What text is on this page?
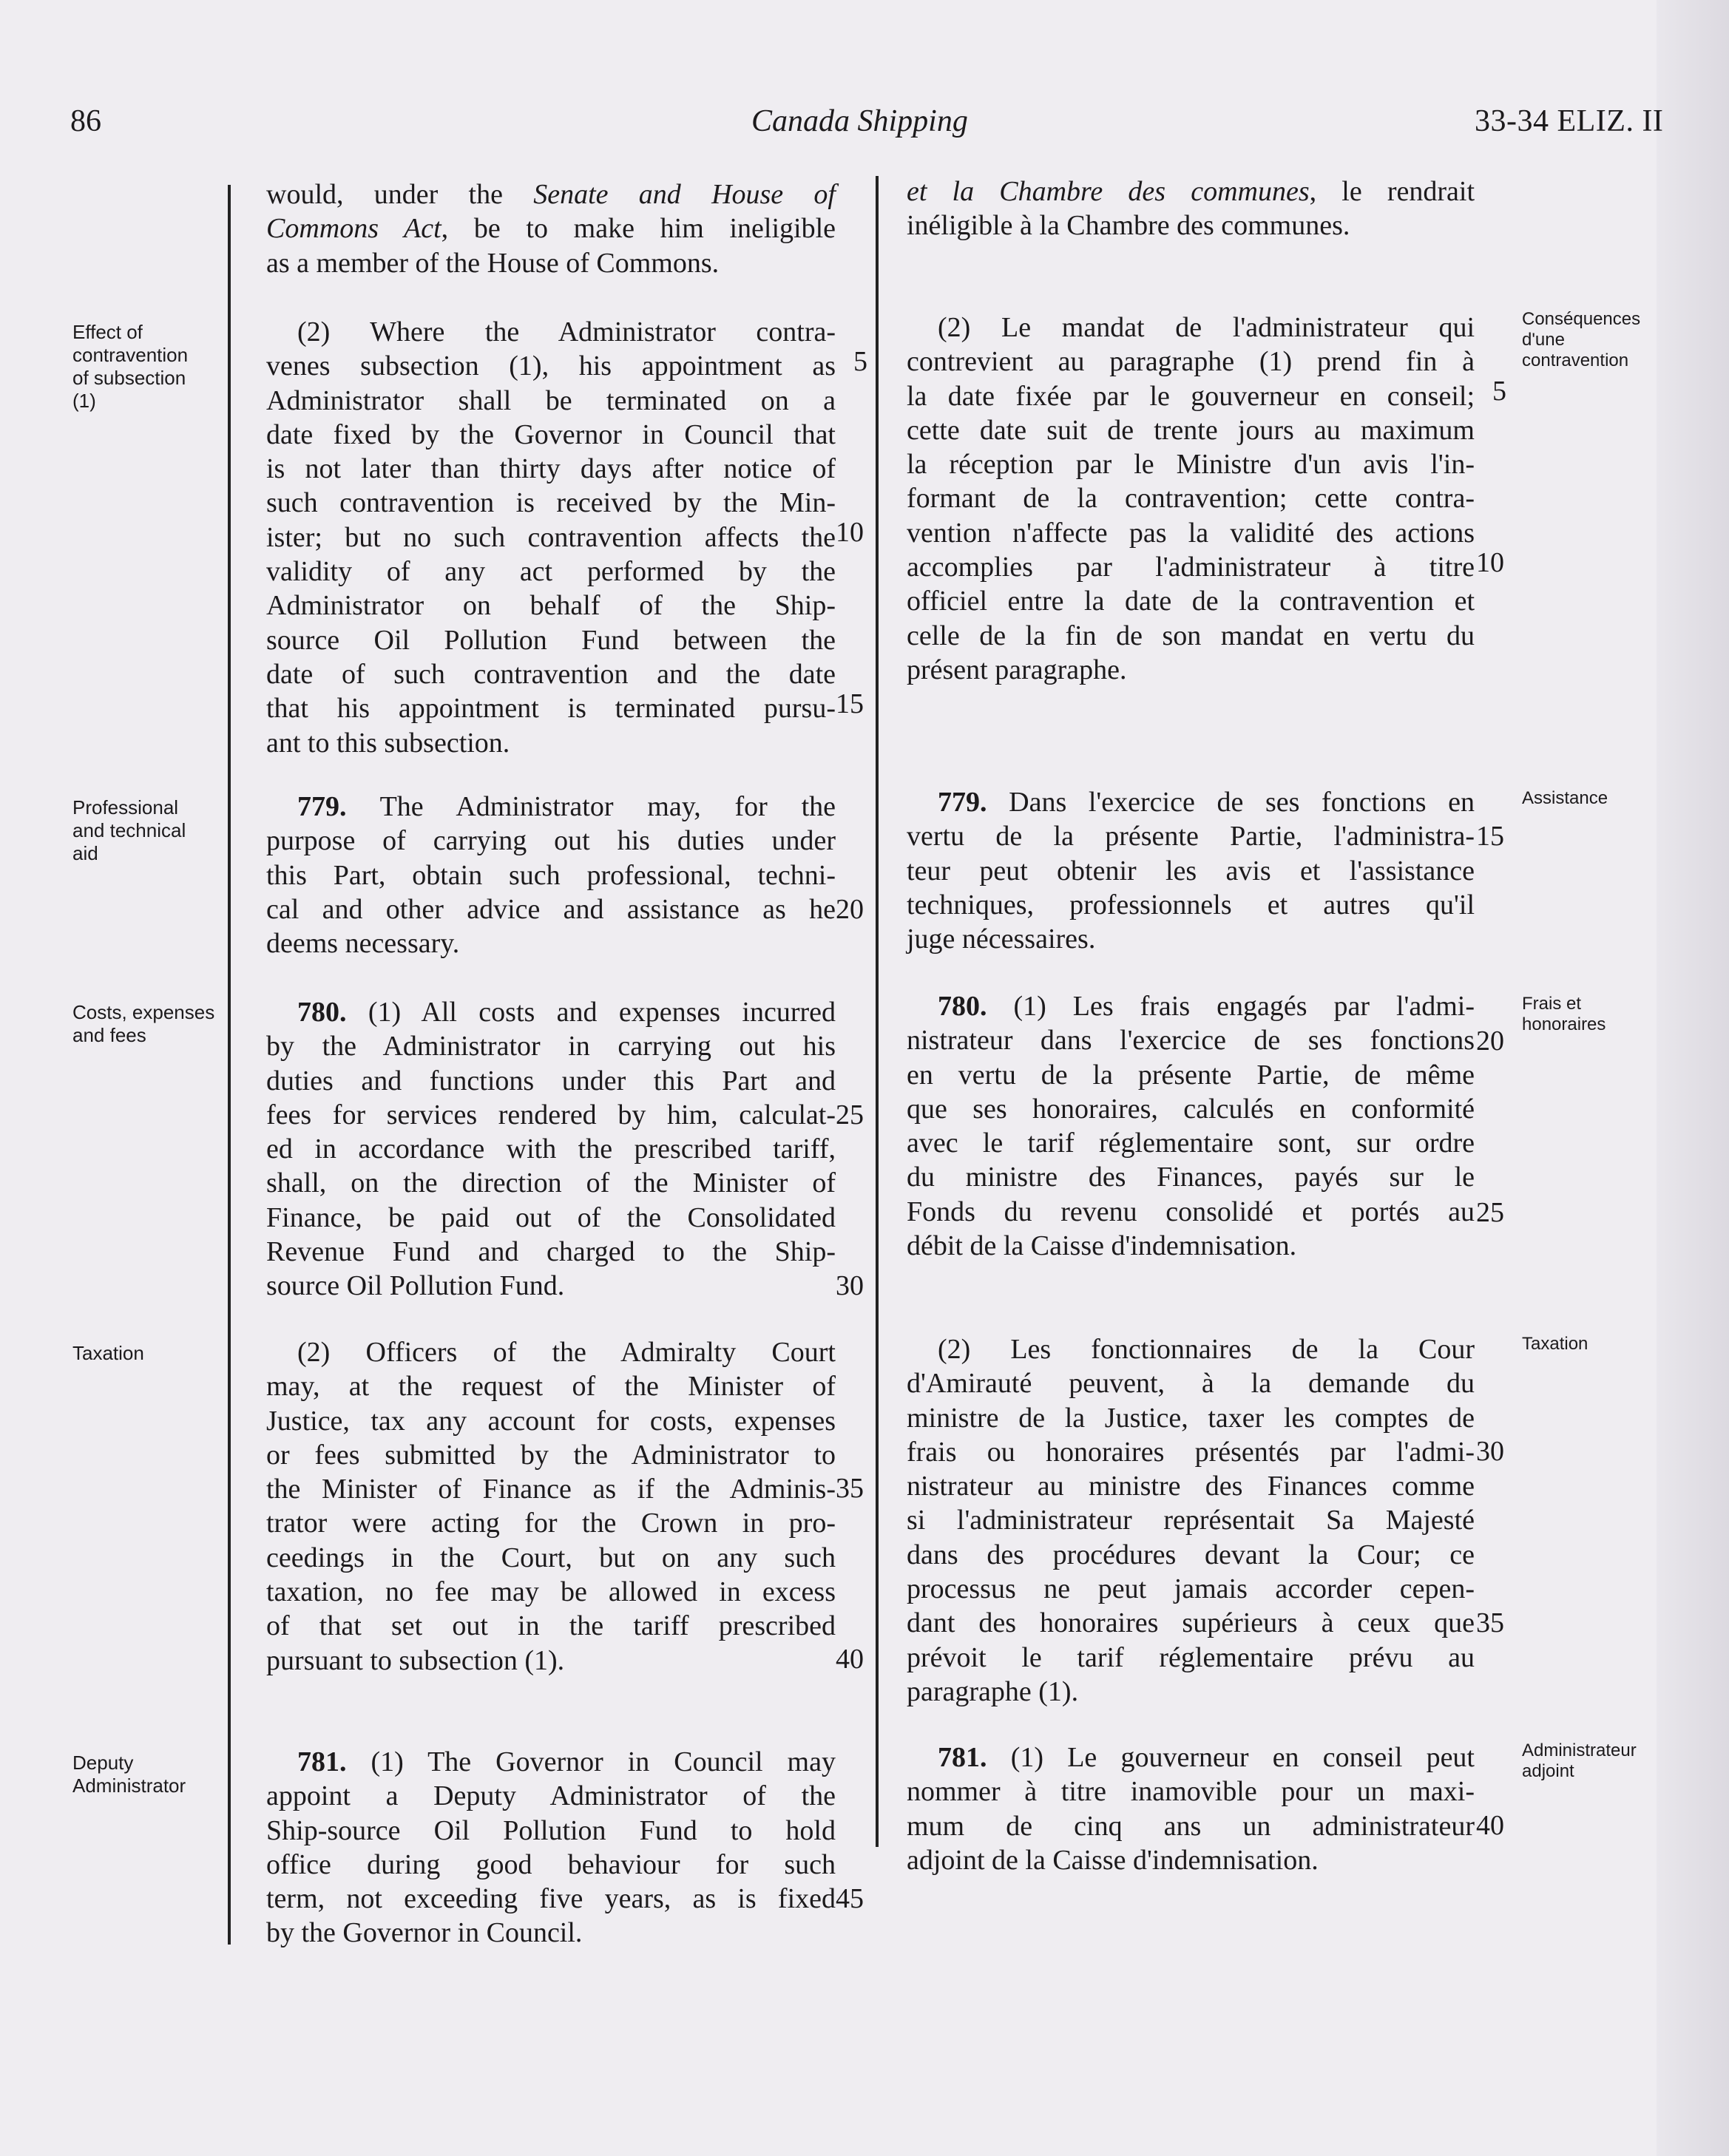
86	Canada Shipping	33-34 ELIZ. II
Effect of
contravention
of subsection
(1)
Professional
and technical
aid
Costs, expenses
and fees
Taxation
Deputy
Administrator
Conséquences
d'une
contravention
Assistance
Frais et
honoraires
Taxation
Administrateur
adjoint
would, under the Senate and House of
Commons Act, be to make him ineligible
as a member of the House of Commons.
(2) Where the Administrator contra-
venes subsection (1), his appointment as
Administrator shall be terminated on a
date fixed by the Governor in Council that
is not later than thirty days after notice of
such contravention is received by the Min-
ister; but no such contravention affects the
validity of any act performed by the
Administrator on behalf of the Ship-
source Oil Pollution Fund between the
date of such contravention and the date
that his appointment is terminated pursu-
ant to this subsection.
779. The Administrator may, for the
purpose of carrying out his duties under
this Part, obtain such professional, techni-
cal and other advice and assistance as he
deems necessary.
780. (1) All costs and expenses incurred
by the Administrator in carrying out his
duties and functions under this Part and
fees for services rendered by him, calculat-
ed in accordance with the prescribed tariff,
shall, on the direction of the Minister of
Finance, be paid out of the Consolidated
Revenue Fund and charged to the Ship-
source Oil Pollution Fund.
(2) Officers of the Admiralty Court
may, at the request of the Minister of
Justice, tax any account for costs, expenses
or fees submitted by the Administrator to
the Minister of Finance as if the Adminis-
trator were acting for the Crown in pro-
ceedings in the Court, but on any such
taxation, no fee may be allowed in excess
of that set out in the tariff prescribed
pursuant to subsection (1).
781. (1) The Governor in Council may
appoint a Deputy Administrator of the
Ship-source Oil Pollution Fund to hold
office during good behaviour for such
term, not exceeding five years, as is fixed
by the Governor in Council.
5
10
15
20
25
30
35
40
45
et la Chambre des communes, le rendrait
inéligible à la Chambre des communes.
(2) Le mandat de l'administrateur qui
contrevient au paragraphe (1) prend fin à
la date fixée par le gouverneur en conseil;
cette date suit de trente jours au maximum
la réception par le Ministre d'un avis l'in-
formant de la contravention; cette contra-
vention n'affecte pas la validité des actions
accomplies par l'administrateur à titre
officiel entre la date de la contravention et
celle de la fin de son mandat en vertu du
présent paragraphe.
779. Dans l'exercice de ses fonctions en
vertu de la présente Partie, l'administra-
teur peut obtenir les avis et l'assistance
techniques, professionnels et autres qu'il
juge nécessaires.
780. (1) Les frais engagés par l'admi-
nistrateur dans l'exercice de ses fonctions
en vertu de la présente Partie, de même
que ses honoraires, calculés en conformité
avec le tarif réglementaire sont, sur ordre
du ministre des Finances, payés sur le
Fonds du revenu consolidé et portés au
débit de la Caisse d'indemnisation.
(2) Les fonctionnaires de la Cour
d'Amirauté peuvent, à la demande du
ministre de la Justice, taxer les comptes de
frais ou honoraires présentés par l'admi-
nistrateur au ministre des Finances comme
si l'administrateur représentait Sa Majesté
dans des procédures devant la Cour; ce
processus ne peut jamais accorder cepen-
dant des honoraires supérieurs à ceux que
prévoit le tarif réglementaire prévu au
paragraphe (1).
781. (1) Le gouverneur en conseil peut
nommer à titre inamovible pour un maxi-
mum de cinq ans un administrateur
adjoint de la Caisse d'indemnisation.
5
10
15
20
25
30
35
40
